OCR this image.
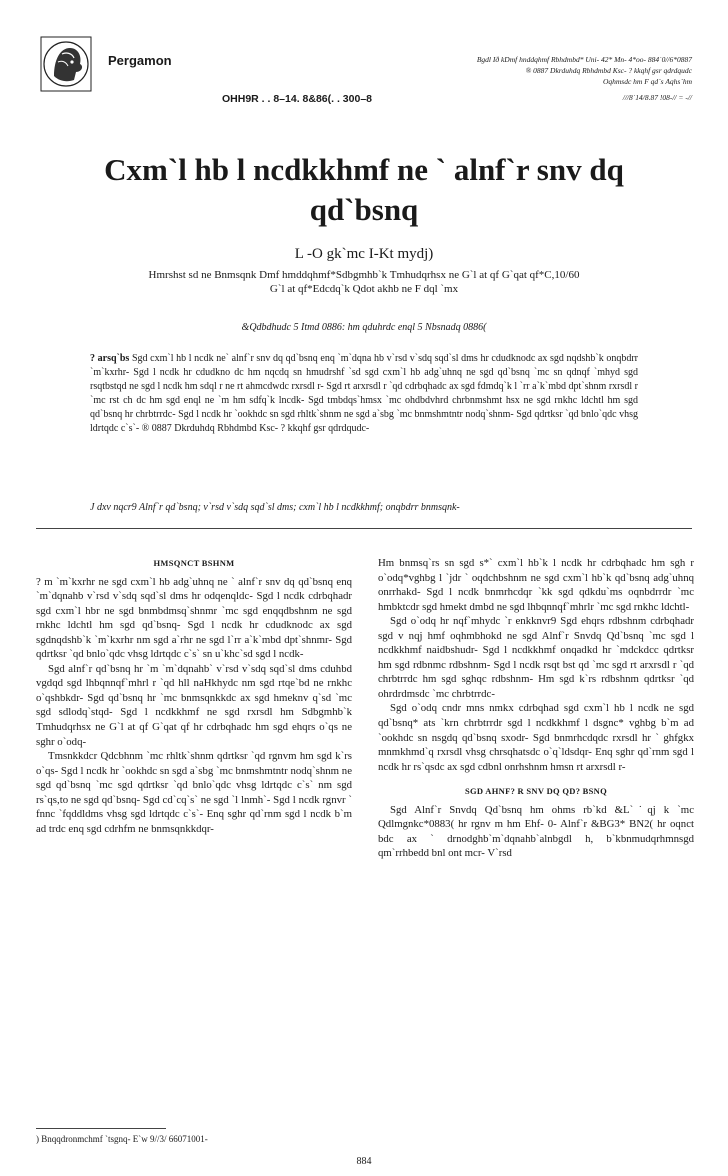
Pergamon	Bgdl Ið kDmf hnddqhmf Rbhdmbd* Uni- 42* Mn- 4*oo- 884˙0//6*0887
® 0887 Dkrduhdq Rbhdmbd Ksc- ? kkqhf gsr qdrdqudc
Oqhmsdc hm F qd`s Aqhs`hm
OHH9R . . 8–14. 8&86(. . 300–8	///8˙14/8.87 !08-// = -//
Cxm`l hb l ncdkkhmf ne ` alnf`r snv dq qd`bsnq
L -O gk`mc I-Kt mydj)
Hmrshst sd ne Bnmsqnk Dmf hmddqhmf*Sdbgmhb`k Tmhudqrhsx ne G`l at qf G`qat qf*C,10/60
G`l at qf*Edcdq`k Qdot akhb ne F dql `mx
&Qdbdhudc 5 Itmd 0886: hm qduhrdc enql 5 Nbsnadq 0886(
? arsq`bs Sgd cxm`l hb l ncdk ne` alnf`r snv dq qd`bsnq enq `m`dqna hb v`rsd v`sdq sqd`sl dms hr cdudknodc ax sgd nqdshb`k onqbdrr `m`kxrhr- Sgd l ncdk hr cdudkno dc hm nqcdq sn hmudrshf `sd sgd cxm`l hb adg`uhnq ne sgd qd`bsnq `mc sn qdnqf `mhyd sgd rsqtbstqd ne sgd l ncdk hm sdql r ne rt ahmcdwdc rxrsdl r- Sgd rt arxrsdl r `qd cdrbqhadc ax sgd fdmdq`k l `rr a`k`mbd dpt`shnm rxrsdl r `mc rst ch dc hm sgd enql ne `m hm sdfq`k lncdk- Sgd tmbdqs`hmsx `mc ohdbdvhrd chrbnmshmt hsx ne sgd rnkhc ldchtl hm sgd qd`bsnq hr chrbtrrdc- Sgd l ncdk hr `ookhdc sn sgd rhltk`shnm ne sgd a`sbg `mc bnmshmtntr nodq`shnm- Sgd qdrtksr `qd bnlo`qdc vhsg ldrtqdc c`s`- ® 0887 Dkrduhdq Rbhdmbd Ksc- ? kkqhf gsr qdrdqudc-
J dxv nqcr9 Alnf`r qd`bsnq; v`rsd v`sdq sqd`sl dms; cxm`l hb l ncdkkhmf; onqbdrr bnmsqnk-
HMSQNCT BSHNM

? m `m`kxrhr ne sgd cxm`l hb adg`uhnq ne ` alnf`r snv dq qd`bsnq enq `m`dqnahb v`rsd v`sdq sqd`sl dms hr odqenqldc- Sgd l ncdk cdrbqhadr sgd cxm`l hbr ne sgd bnmbdmsq`shnmr `mc sgd enqqdbshnm ne sgd rnkhc ldchtl hm sgd qd`bsnq- Sgd l ncdk hr cdudknodc ax sgd sgdnqdshb`k `m`kxrhr nm sgd a`rhr ne sgd l`rr a`k`mbd dpt`shnmr- Sgd qdrtksr `qd bnlo`qdc vhsg ldrtqdc c`s` sn u`khc`sd sgd l ncdk-

Sgd alnf`r qd`bsnq hr `m `m`dqnahb` v`rsd v`sdq sqd`sl dms cduhbd vgdqd sgd lhbqnnqf`mhrl r `qd hll naHkhydc nm sgd rtqe`bd ne rnkhc o`qshbkdr- Sgd qd`bsnq hr `mc bnmsqnkkdc ax sgd hmeknv q`sd `mc sgd sdlodq`stqd- Sgd l ncdkkhmf ne sgd rxrsdl hm Sdbgmhb`k Tmhudqrhsx ne G`l at qf G`qat qf hr cdrbqhadc hm sgd ehqrs o`qs ne sghr o`odq-

Tmsnkkdcr Qdcbhnm `mc rhltk`shnm qdrtksr `qd rgnvm hm sgd k`rs o`qs- Sgd l ncdk hr `ookhdc sn sgd a`sbg `mc bnmshmtntr nodq`shnm ne sgd qd`bsnq `mc sgd qdrtksr `qd bnlo`qdc vhsg ldrtqdc c`s` nm sgd rs`qs,to ne sgd qd`bsnq- Sgd cd`cq`s` ne sgd `l lnmh`- Sgd l ncdk rgnvr ` fnnc `fqddldms vhsg sgd ldrtqdc c`s`- Enq sghr qd`rnm sgd l ncdk b`m ad trdc enq sgd cdrhfm ne bnmsqnkkdqr-

Hm bnmsq`rs sn sgd s*` cxm`l hb`k l ncdk hr cdrbqhadc hm sgh r o`odq*vghbg l `jdr ` oqdchbshnm ne sgd cxm`l hb`k qd`bsnq adg`uhnq onrrhakd- Sgd l ncdk bnmrhcdqr `kk sgd qdkdu`ms oqnbdrrdr `mc hmbktcdr sgd hmekt dmbd ne sgd lhbqnnqf`mhrlr `mc sgd rnkhc ldchtl-

Sgd o`odq hr nqf`mhydc `r enkknvr9 Sgd ehqrs rdbshnm cdrbqhadr sgd v nqj hmf oqhmbhokd ne sgd Alnf`r Snvdq Qd`bsnq `mc sgd l ncdkkhmf naidbshudr- Sgd l ncdkkhmf onqadkd hr `mdckdcc qdrtksr hm sgd rdbnmc rdbshnm- Sgd l ncdk rsqt bst qd `mc sgd rt arxrsdl r `qd chrbtrrdc hm sgd sghqc rdbshnm- Hm sgd k`rs rdbshnm qdrtksr `qd ohrdrdmsdc `mc chrbtrrdc-

Sgd o`odq cndr mns nmkx cdrbqhad sgd cxm`l hb l ncdk ne sgd qd`bsnq* ats `krn chrbtrrdr sgd l ncdkkhmf l dsgnc* vghbg b`m ad `ookhdc sn nsgdq qd`bsnq sxodr- Sgd bnmrhcdqdc rxrsdl hr ` ghfgkx mnmkhmd`q rxrsdl vhsg chrsqhatsdc o`q`ldsdqr- Enq sghr qd`rnm sgd l ncdk hr rs`qsdc ax sgd cdbnl onrhshnm hmsn rt arxrsdl r-

SGD AHNF? R SNV DQ QD? BSNQ

Sgd Alnf`r Snvdq Qd`bsnq hm ohms rb`kd &L`˙qj k `mc Qdlmgnkc*0883( hr rgnv m hm Ehf- 0- Alnf`r &BG3* BN2( hr oqnct bdc ax ` drnodghb`m`dqnahb`alnbgdl h, b`kbnmudqrhmnsgd qm`rrhbedd bnl ont mcr- V`rsd

) Bnqqdronmchmf `tsgnq- E`w 9//3/ 66071001-
884
